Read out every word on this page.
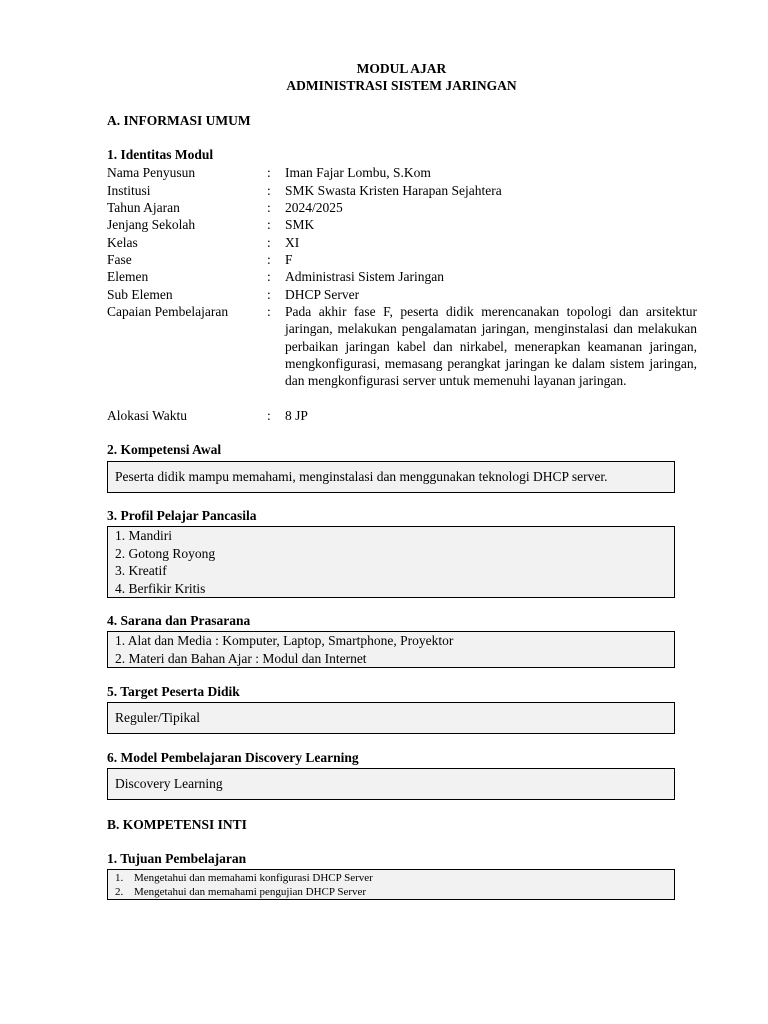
MODUL AJAR
ADMINISTRASI SISTEM JARINGAN
A. INFORMASI UMUM
1. Identitas Modul
Nama Penyusun	: Iman Fajar Lombu, S.Kom
Institusi	: SMK Swasta Kristen Harapan Sejahtera
Tahun Ajaran	: 2024/2025
Jenjang Sekolah	: SMK
Kelas	: XI
Fase	: F
Elemen	: Administrasi Sistem Jaringan
Sub Elemen	: DHCP Server
Capaian Pembelajaran	: Pada akhir fase F, peserta didik merencanakan topologi dan arsitektur jaringan, melakukan pengalamatan jaringan, menginstalasi dan melakukan perbaikan jaringan kabel dan nirkabel, menerapkan keamanan jaringan, mengkonfigurasi, memasang perangkat jaringan ke dalam sistem jaringan, dan mengkonfigurasi server untuk memenuhi layanan jaringan.
Alokasi Waktu	: 8 JP
2. Kompetensi Awal
Peserta didik mampu memahami, menginstalasi dan menggunakan teknologi DHCP server.
3. Profil Pelajar Pancasila
1. Mandiri
2. Gotong Royong
3. Kreatif
4. Berfikir Kritis
4. Sarana dan Prasarana
1. Alat dan Media : Komputer, Laptop, Smartphone, Proyektor
2. Materi dan Bahan Ajar : Modul dan Internet
5. Target Peserta Didik
Reguler/Tipikal
6. Model Pembelajaran Discovery Learning
Discovery Learning
B. KOMPETENSI INTI
1. Tujuan Pembelajaran
1. Mengetahui dan memahami konfigurasi DHCP Server
2. Mengetahui dan memahami pengujian DHCP Server
